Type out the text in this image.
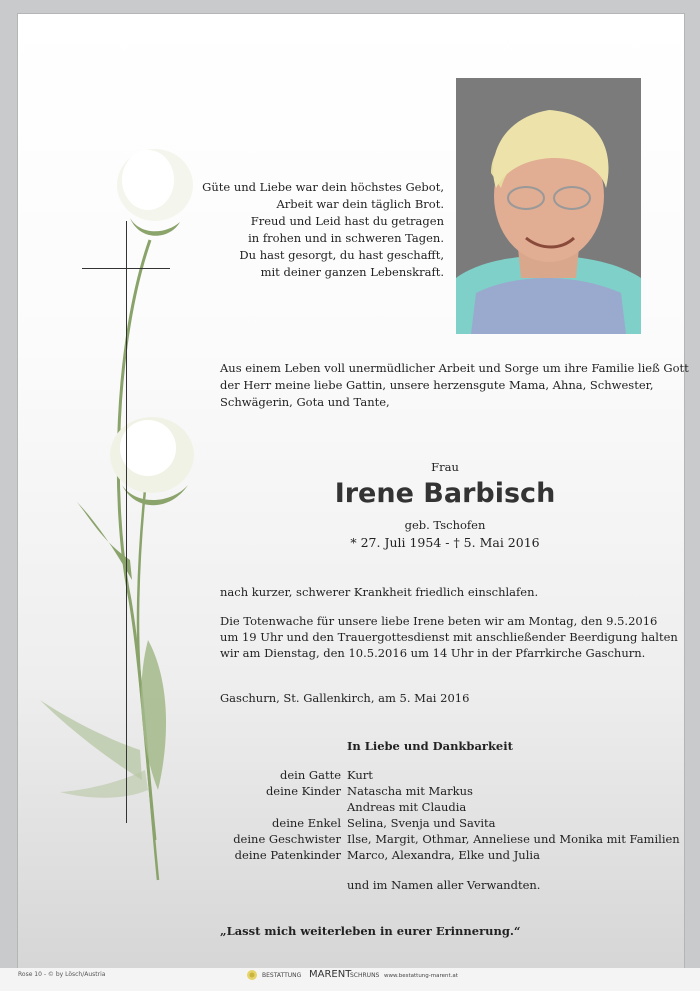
Güte und Liebe war dein höchstes Gebot,
Arbeit war dein täglich Brot.
Freud und Leid hast du getragen
in frohen und in schweren Tagen.
Du hast gesorgt, du hast geschafft,
mit deiner ganzen Lebenskraft.
Aus einem Leben voll unermüdlicher Arbeit und Sorge um ihre Familie ließ Gott
der Herr meine liebe Gattin, unsere herzensgute Mama, Ahna, Schwester,
Schwägerin, Gota und Tante,
Frau
Irene Barbisch
geb. Tschofen
* 27. Juli 1954 - † 5. Mai 2016
nach kurzer, schwerer Krankheit friedlich einschlafen.
Die Totenwache für unsere liebe Irene beten wir am Montag, den 9.5.2016
um 19 Uhr und den Trauergottesdienst mit anschließender Beerdigung halten
wir am Dienstag, den 10.5.2016 um 14 Uhr in der Pfarrkirche Gaschurn.
Gaschurn, St. Gallenkirch, am 5. Mai 2016
In Liebe und Dankbarkeit
dein Gatte Kurt
deine Kinder Natascha mit Markus
Andreas mit Claudia
deine Enkel Selina, Svenja und Savita
deine Geschwister Ilse, Margit, Othmar, Anneliese und Monika mit Familien
deine Patenkinder Marco, Alexandra, Elke und Julia
und im Namen aller Verwandten.
„Lasst mich weiterleben in eurer Erinnerung.“
Rose 10 - © by Lösch/Austria	BESTATTUNG MARENT
SCHRUNS www.bestattung-marent.at
